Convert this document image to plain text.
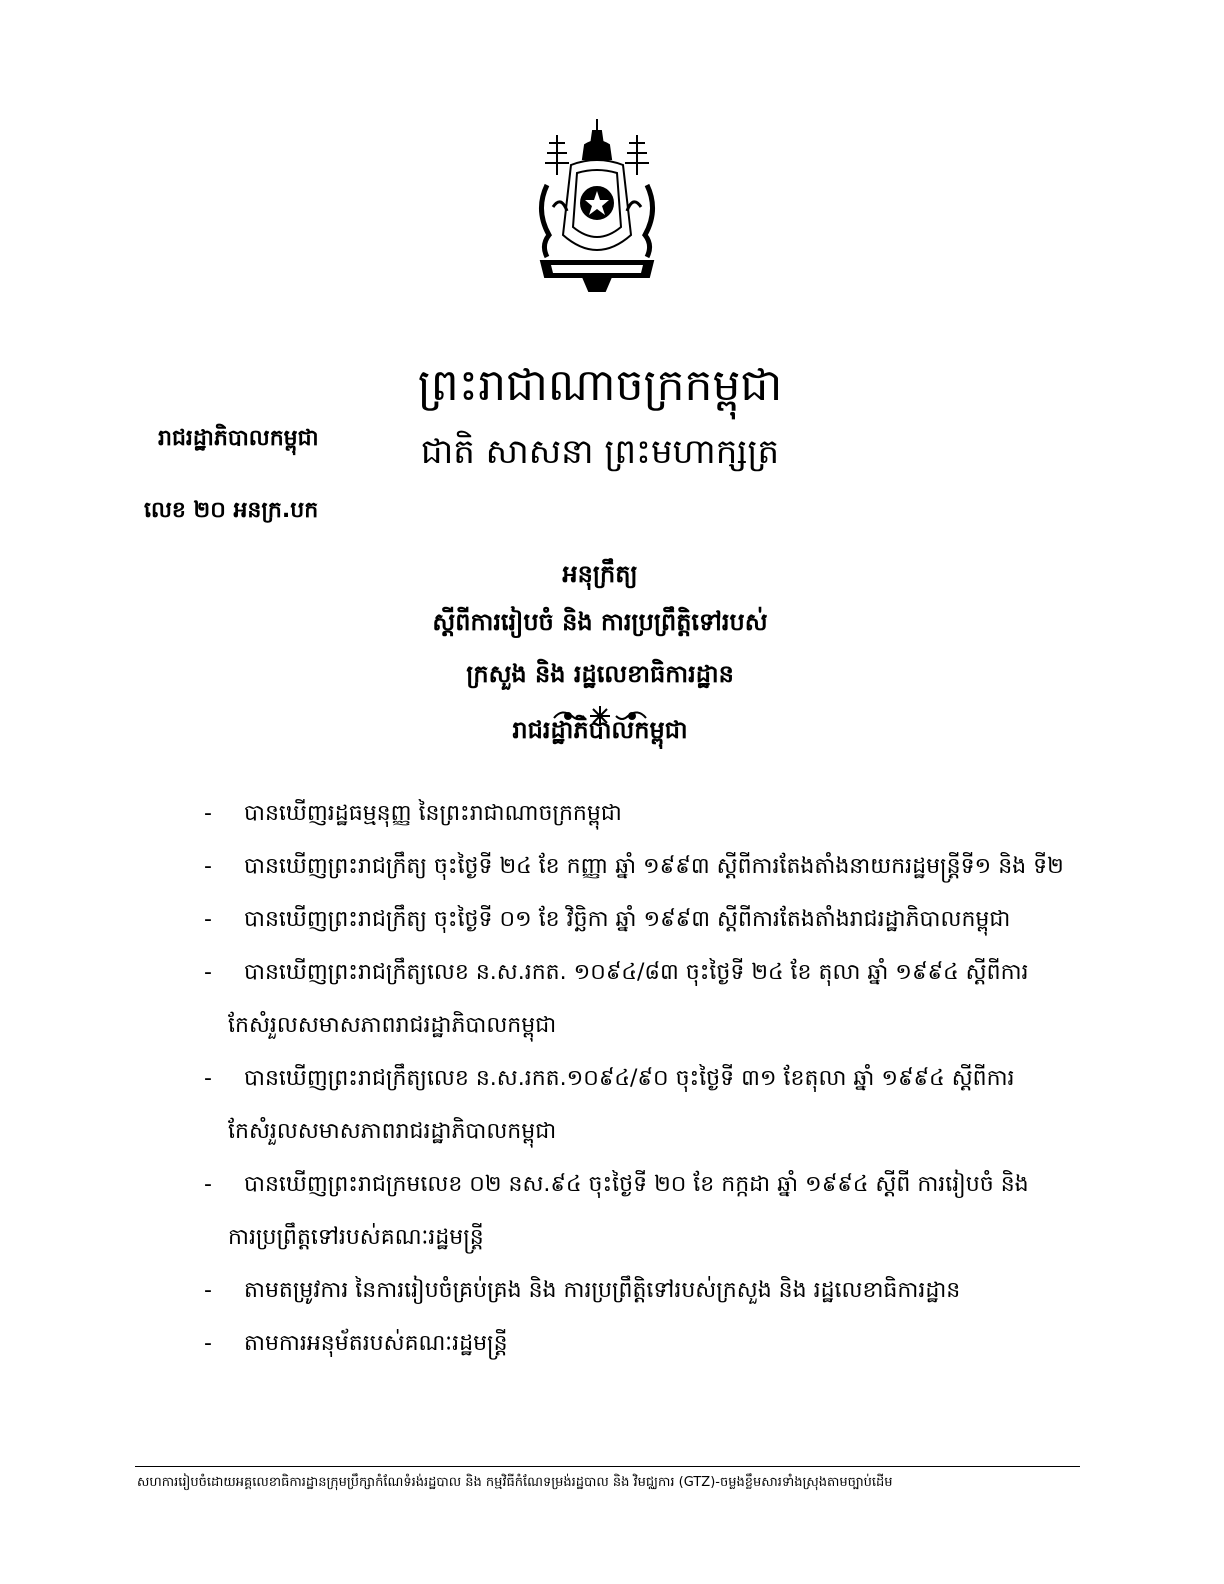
ព្រះរាជាណាចក្រកម្ពុជា
ជាតិ សាសនា ព្រះមហាក្សត្រ
រាជរដ្ឋាភិបាលកម្ពុជា
លេខ ២០ អនក្រ.បក
អនុក្រឹត្យ
ស្តីពីការរៀបចំ និង ការប្រព្រឹត្តិទៅរបស់
ក្រសួង និង រដ្ឋលេខាធិការដ្ឋាន
រាជរដ្ឋាភិបាលកម្ពុជា
- បានឃើញរដ្ឋធម្មនុញ្ញ នៃព្រះរាជាណាចក្រកម្ពុជា
- បានឃើញព្រះរាជក្រឹត្យ ចុះថ្ងៃទី ២៤ ខែ កញ្ញា ឆ្នាំ ១៩៩៣ ស្តីពីការតែងតាំងនាយករដ្ឋមន្ត្រីទី១ និង ទី២
- បានឃើញព្រះរាជក្រឹត្យ ចុះថ្ងៃទី ០១ ខែ វិច្ឆិកា ឆ្នាំ ១៩៩៣ ស្តីពីការតែងតាំងរាជរដ្ឋាភិបាលកម្ពុជា
- បានឃើញព្រះរាជក្រឹត្យលេខ ន.ស.រកត. ១០៩៤/៨៣ ចុះថ្ងៃទី ២៤ ខែ តុលា ឆ្នាំ ១៩៩៤ ស្តីពីការ
កែសំរួលសមាសភាពរាជរដ្ឋាភិបាលកម្ពុជា
- បានឃើញព្រះរាជក្រឹត្យលេខ ន.ស.រកត.១០៩៤/៩០ ចុះថ្ងៃទី ៣១ ខែតុលា ឆ្នាំ ១៩៩៤ ស្តីពីការ
កែសំរួលសមាសភាពរាជរដ្ឋាភិបាលកម្ពុជា
- បានឃើញព្រះរាជក្រមលេខ ០២ នស.៩៤ ចុះថ្ងៃទី ២០ ខែ កក្កដា ឆ្នាំ ១៩៩៤ ស្តីពី ការរៀបចំ និង
ការប្រព្រឹត្តទៅរបស់គណៈរដ្ឋមន្ត្រី
- តាមតម្រូវការ នៃការរៀបចំគ្រប់គ្រង និង ការប្រព្រឹត្តិទៅរបស់ក្រសួង និង រដ្ឋលេខាធិការដ្ឋាន
- តាមការអនុម័តរបស់គណៈរដ្ឋមន្ត្រី
សហការរៀបចំដោយអគ្គលេខាធិការដ្ឋានក្រុមប្រឹក្សាកំណែទំរង់រដ្ឋបាល និង កម្មវិធីកំណែទម្រង់រដ្ឋបាល និង វិមជ្ឈការ (GTZ)-ចម្លងខ្លឹមសារទាំងស្រុងតាមច្បាប់ដើម
